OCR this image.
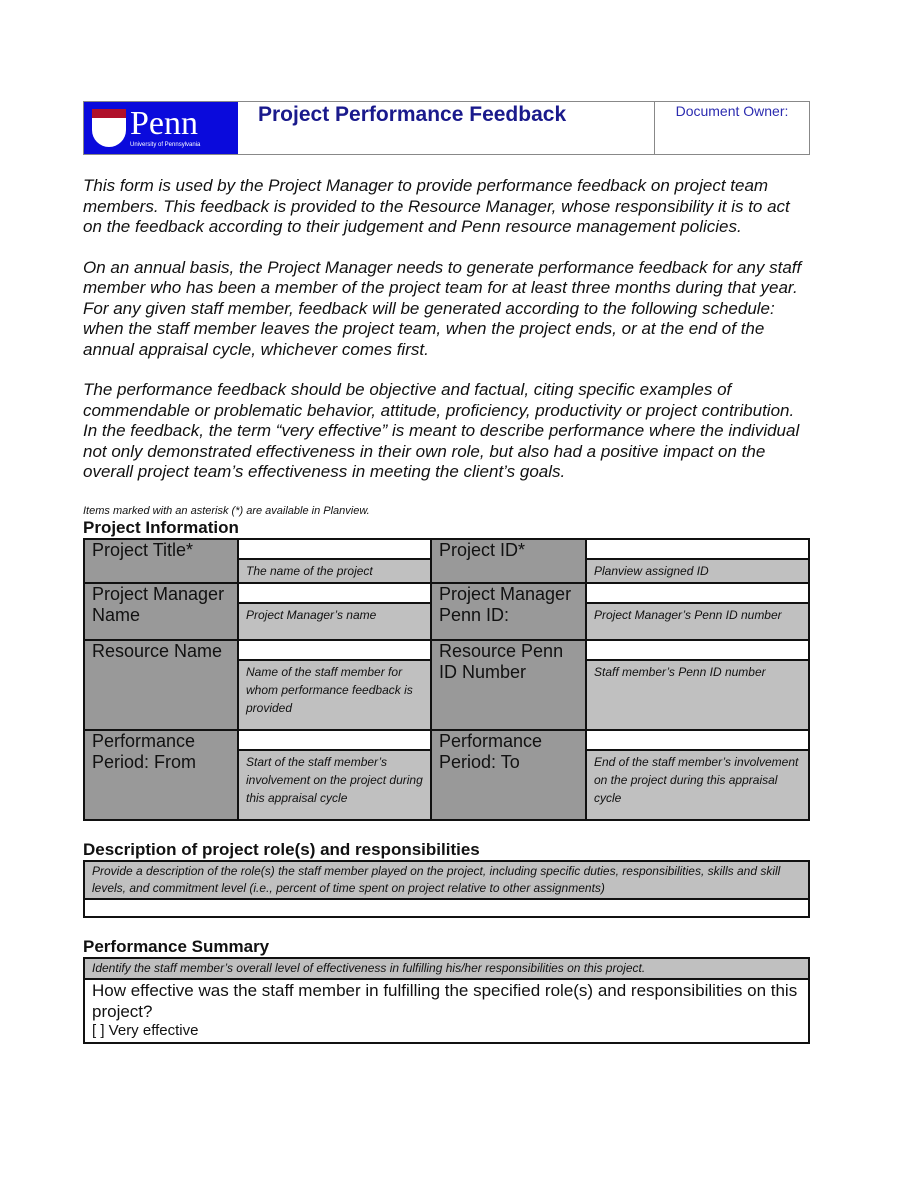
Penn
University of Pennsylvania
Project Performance Feedback	Document Owner:

This form is used by the Project Manager to provide performance feedback on project team members. This feedback is provided to the Resource Manager, whose responsibility it is to act on the feedback according to their judgement and Penn resource management policies.

On an annual basis, the Project Manager needs to generate performance feedback for any staff member who has been a member of the project team for at least three months during that year. For any given staff member, feedback will be generated according to the following schedule: when the staff member leaves the project team, when the project ends, or at the end of the annual appraisal cycle, whichever comes first.

The performance feedback should be objective and factual, citing specific examples of commendable or problematic behavior, attitude, proficiency, productivity or project contribution. In the feedback, the term “very effective” is meant to describe performance where the individual not only demonstrated effectiveness in their own role, but also had a positive impact on the overall project team’s effectiveness in meeting the client’s goals.

Items marked with an asterisk (*) are available in Planview.

Project Information

Project Title*		Project ID*	
	The name of the project		Planview assigned ID
Project Manager Name		Project Manager Penn ID:	
	Project Manager’s name		Project Manager’s Penn ID number
Resource Name		Resource Penn ID Number	
	Name of the staff member for whom performance feedback is provided		Staff member’s Penn ID number
Performance Period: From		Performance Period: To	
	Start of the staff member’s involvement on the project during this appraisal cycle		End of the staff member’s involvement on the project during this appraisal cycle

Description of project role(s) and responsibilities

Provide a description of the role(s) the staff member played on the project, including specific duties, responsibilities, skills and skill levels, and commitment level (i.e., percent of time spent on project relative to other assignments)

Performance Summary

Identify the staff member’s overall level of effectiveness in fulfilling his/her responsibilities on this project.
How effective was the staff member in fulfilling the specified role(s) and responsibilities on this project?
[ ] Very effective
